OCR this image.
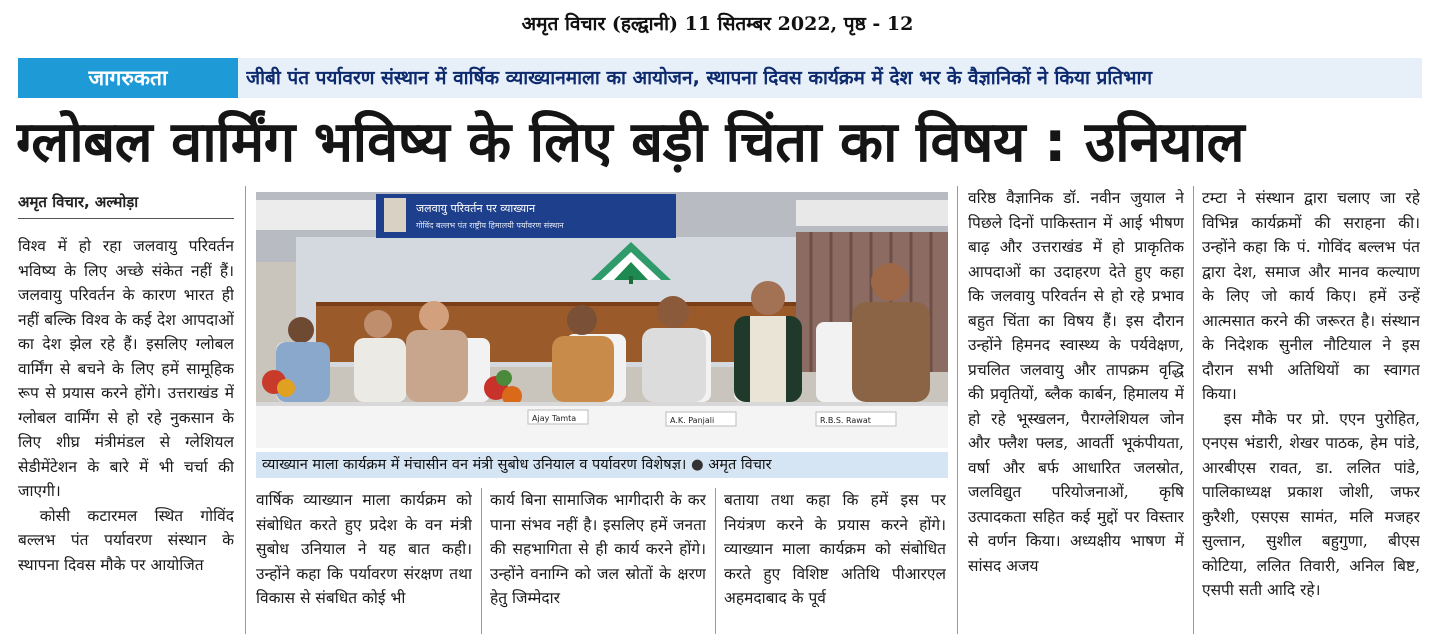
अमृत विचार (हल्द्वानी) 11 सितम्बर 2022, पृष्ठ - 12
जागरुकता	जीबी पंत पर्यावरण संस्थान में वार्षिक व्याख्यानमाला का आयोजन, स्थापना दिवस कार्यक्रम में देश भर के वैज्ञानिकों ने किया प्रतिभाग
ग्लोबल वार्मिंग भविष्य के लिए बड़ी चिंता का विषय : उनियाल
अमृत विचार, अल्मोड़ा

विश्व में हो रहा जलवायु परिवर्तन भविष्य के लिए अच्छे संकेत नहीं हैं। जलवायु परिवर्तन के कारण भारत ही नहीं बल्कि विश्व के कई देश आपदाओं का देश झेल रहे हैं। इसलिए ग्लोबल वार्मिंग से बचने के लिए हमें सामूहिक रूप से प्रयास करने होंगे। उत्तराखंड में ग्लोबल वार्मिंग से हो रहे नुकसान के लिए शीघ्र मंत्रीमंडल से ग्लेशियल सेडीमेंटेशन के बारे में भी चर्चा की जाएगी।

कोसी कटारमल स्थित गोविंद बल्लभ पंत पर्यावरण संस्थान के स्थापना दिवस मौके पर आयोजित

जलवायु परिवर्तन पर व्याख्यान
गोविंद बल्लभ पंत राष्ट्रीय हिमालयी पर्यावरण संस्थान
Ajay Tamta	A.K. Panjali	R.B.S. Rawat
व्याख्यान माला कार्यक्रम में मंचासीन वन मंत्री सुबोध उनियाल व पर्यावरण विशेषज्ञ। ● अमृत विचार

वार्षिक व्याख्यान माला कार्यक्रम को संबोधित करते हुए प्रदेश के वन मंत्री सुबोध उनियाल ने यह बात कही। उन्होंने कहा कि पर्यावरण संरक्षण तथा विकास से संबधित कोई भी

कार्य बिना सामाजिक भागीदारी के कर पाना संभव नहीं है। इसलिए हमें जनता की सहभागिता से ही कार्य करने होंगे। उन्होंने वनाग्नि को जल स्रोतों के क्षरण हेतु जिम्मेदार

बताया तथा कहा कि हमें इस पर नियंत्रण करने के प्रयास करने होंगे। व्याख्यान माला कार्यक्रम को संबोधित करते हुए विशिष्ट अतिथि पीआरएल अहमदाबाद के पूर्व

वरिष्ठ वैज्ञानिक डॉ. नवीन जुयाल ने पिछले दिनों पाकिस्तान में आई भीषण बाढ़ और उत्तराखंड में हो प्राकृतिक आपदाओं का उदाहरण देते हुए कहा कि जलवायु परिवर्तन से हो रहे प्रभाव बहुत चिंता का विषय हैं। इस दौरान उन्होंने हिमनद स्वास्थ्य के पर्यवेक्षण, प्रचलित जलवायु और तापक्रम वृद्धि की प्रवृतियों, ब्लैक कार्बन, हिमालय में हो रहे भूस्खलन, पैराग्लेशियल जोन और फ्लैश फ्लड, आवर्ती भूकंपीयता, वर्षा और बर्फ आधारित जलस्रोत, जलविद्युत परियोजनाओं, कृषि उत्पादकता सहित कई मुद्दों पर विस्तार से वर्णन किया। अध्यक्षीय भाषण में सांसद अजय

टम्टा ने संस्थान द्वारा चलाए जा रहे विभिन्न कार्यक्रमों की सराहना की। उन्होंने कहा कि पं. गोविंद बल्लभ पंत द्वारा देश, समाज और मानव कल्याण के लिए जो कार्य किए। हमें उन्हें आत्मसात करने की जरूरत है। संस्थान के निदेशक सुनील नौटियाल ने इस दौरान सभी अतिथियों का स्वागत किया।

इस मौके पर प्रो. एएन पुरोहित, एनएस भंडारी, शेखर पाठक, हेम पांडे, आरबीएस रावत, डा. ललित पांडे, पालिकाध्यक्ष प्रकाश जोशी, जफर कुरैशी, एसएस सामंत, मलि मजहर सुल्तान, सुशील बहुगुणा, बीएस कोटिया, ललित तिवारी, अनिल बिष्ट, एसपी सती आदि रहे।
